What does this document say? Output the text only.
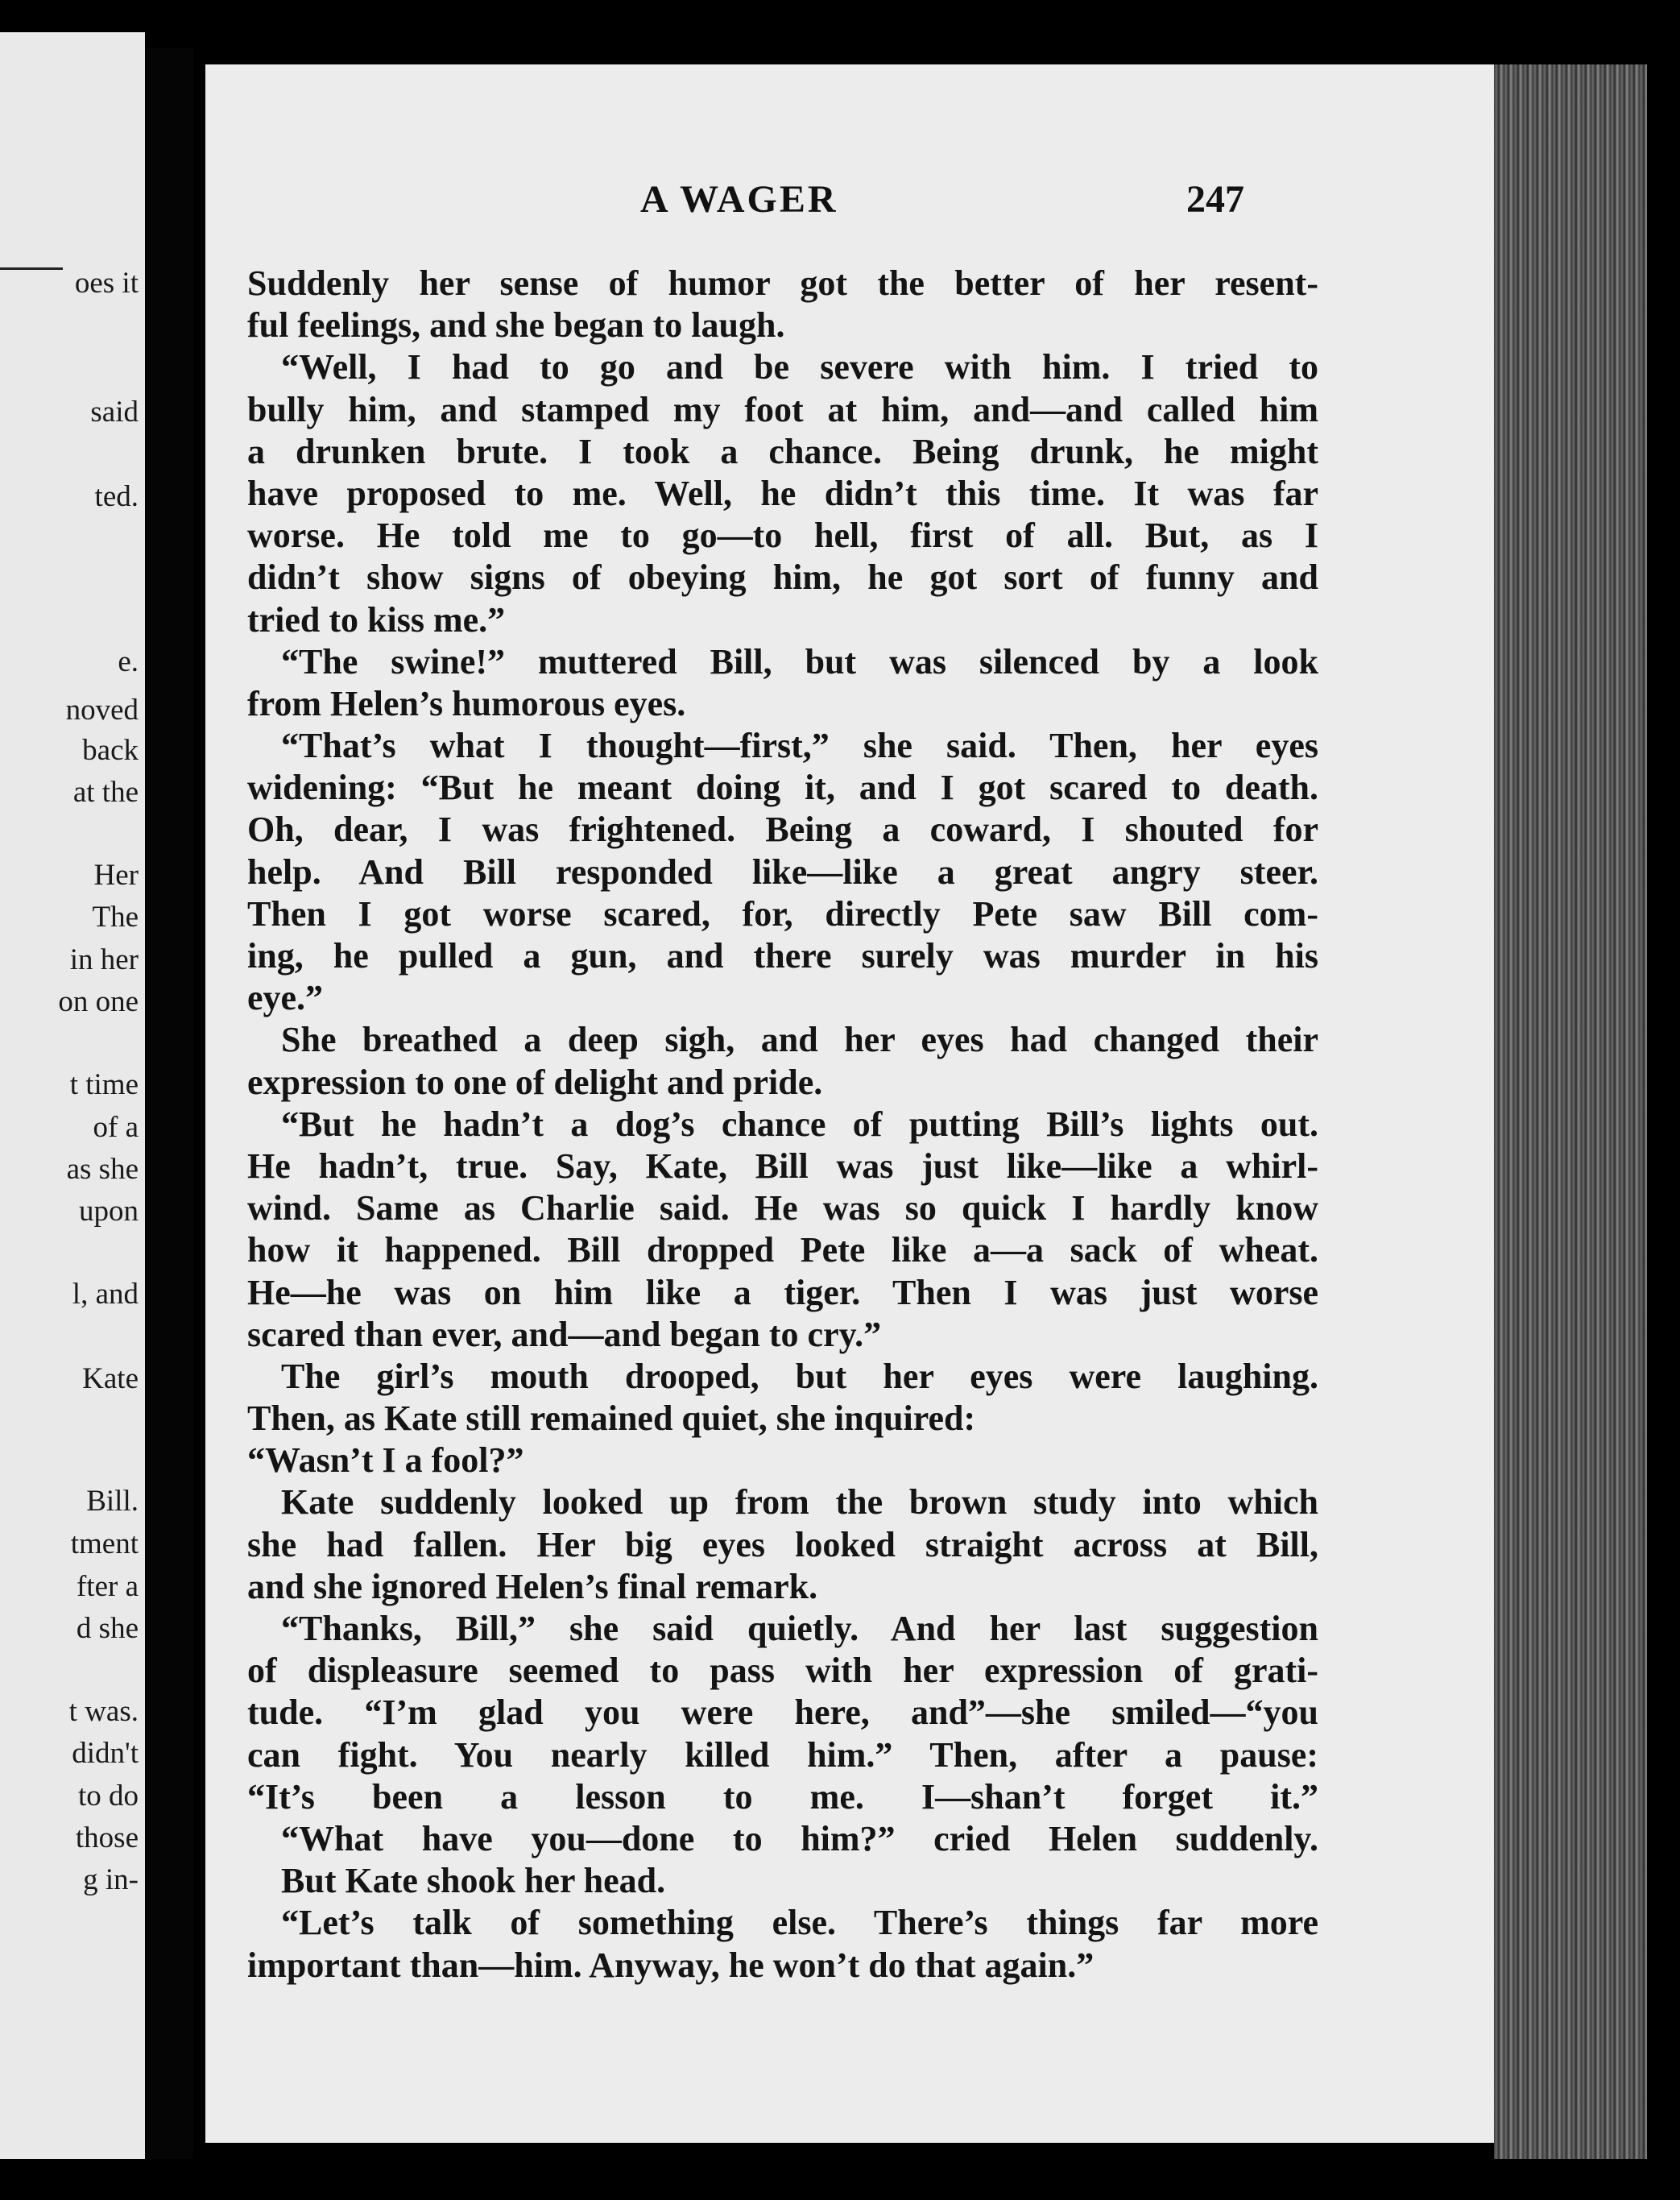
oes it
said
ted.
e.
noved
back
at the
Her
The
in her
on one
t time
of a
as she
upon
l, and
Kate
Bill.
tment
fter a
d she
t was.
didn't
to do
those
g in-
A WAGER	247
Suddenly her sense of humor got the better of her resent-
ful feelings, and she began to laugh.
“Well, I had to go and be severe with him. I tried to
bully him, and stamped my foot at him, and—and called him
a drunken brute. I took a chance. Being drunk, he might
have proposed to me. Well, he didn’t this time. It was far
worse. He told me to go—to hell, first of all. But, as I
didn’t show signs of obeying him, he got sort of funny and
tried to kiss me.”
“The swine!” muttered Bill, but was silenced by a look
from Helen’s humorous eyes.
“That’s what I thought—first,” she said. Then, her eyes
widening: “But he meant doing it, and I got scared to death.
Oh, dear, I was frightened. Being a coward, I shouted for
help. And Bill responded like—like a great angry steer.
Then I got worse scared, for, directly Pete saw Bill com-
ing, he pulled a gun, and there surely was murder in his
eye.”
She breathed a deep sigh, and her eyes had changed their
expression to one of delight and pride.
“But he hadn’t a dog’s chance of putting Bill’s lights out.
He hadn’t, true. Say, Kate, Bill was just like—like a whirl-
wind. Same as Charlie said. He was so quick I hardly know
how it happened. Bill dropped Pete like a—a sack of wheat.
He—he was on him like a tiger. Then I was just worse
scared than ever, and—and began to cry.”
The girl’s mouth drooped, but her eyes were laughing.
Then, as Kate still remained quiet, she inquired:
“Wasn’t I a fool?”
Kate suddenly looked up from the brown study into which
she had fallen. Her big eyes looked straight across at Bill,
and she ignored Helen’s final remark.
“Thanks, Bill,” she said quietly. And her last suggestion
of displeasure seemed to pass with her expression of grati-
tude. “I’m glad you were here, and”—she smiled—“you
can fight. You nearly killed him.” Then, after a pause:
“It’s been a lesson to me. I—shan’t forget it.”
“What have you—done to him?” cried Helen suddenly.
But Kate shook her head.
“Let’s talk of something else. There’s things far more
important than—him. Anyway, he won’t do that again.”
